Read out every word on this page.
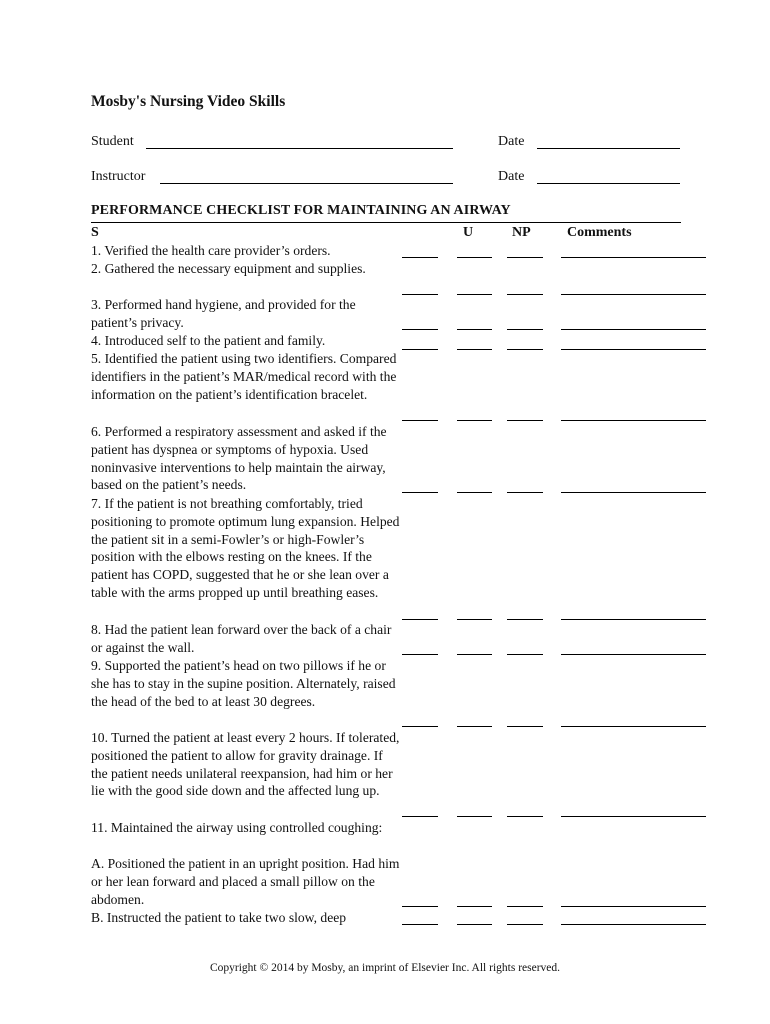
Mosby's Nursing Video Skills
Student	Date
Instructor	Date
PERFORMANCE CHECKLIST FOR MAINTAINING AN AIRWAY
S	U	NP	Comments
1. Verified the health care provider’s orders.
2. Gathered the necessary equipment and supplies.
3. Performed hand hygiene, and provided for the patient’s privacy.
4. Introduced self to the patient and family.
5. Identified the patient using two identifiers. Compared identifiers in the patient’s MAR/medical record with the information on the patient’s identification bracelet.
6. Performed a respiratory assessment and asked if the patient has dyspnea or symptoms of hypoxia. Used noninvasive interventions to help maintain the airway, based on the patient’s needs.
7. If the patient is not breathing comfortably, tried positioning to promote optimum lung expansion. Helped the patient sit in a semi-Fowler’s or high-Fowler’s position with the elbows resting on the knees. If the patient has COPD, suggested that he or she lean over a table with the arms propped up until breathing eases.
8. Had the patient lean forward over the back of a chair or against the wall.
9. Supported the patient’s head on two pillows if he or she has to stay in the supine position. Alternately, raised the head of the bed to at least 30 degrees.
10. Turned the patient at least every 2 hours. If tolerated, positioned the patient to allow for gravity drainage. If the patient needs unilateral reexpansion, had him or her lie with the good side down and the affected lung up.
11. Maintained the airway using controlled coughing:
A. Positioned the patient in an upright position. Had him or her lean forward and placed a small pillow on the abdomen.
B. Instructed the patient to take two slow, deep
Copyright © 2014 by Mosby, an imprint of Elsevier Inc. All rights reserved.
